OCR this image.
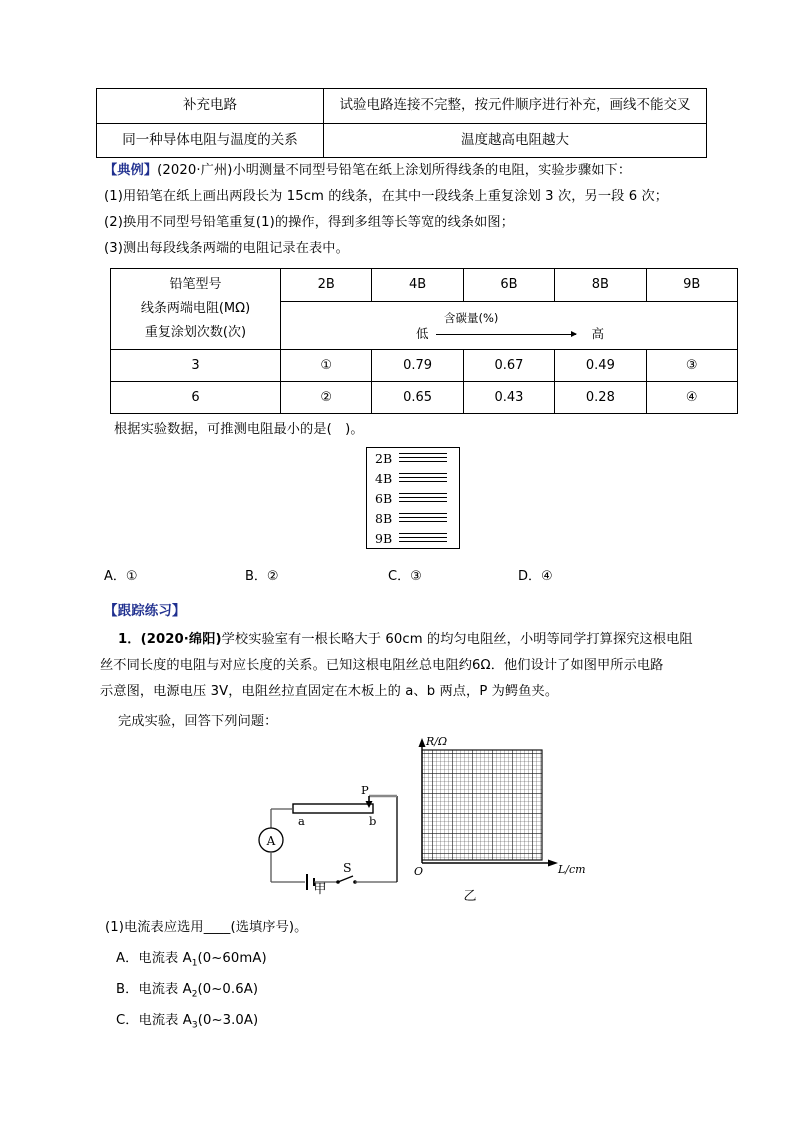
补充电路	试验电路连接不完整，按元件顺序进行补充，画线不能交叉
同一种导体电阻与温度的关系	温度越高电阻越大
【典例】(2020·广州)小明测量不同型号铅笔在纸上涂划所得线条的电阻，实验步骤如下：
(1)用铅笔在纸上画出两段长为 15cm 的线条，在其中一段线条上重复涂划 3 次，另一段 6 次；
(2)换用不同型号铅笔重复(1)的操作，得到多组等长等宽的线条如图；
(3)测出每段线条两端的电阻记录在表中。
铅笔型号
线条两端电阻(MΩ)
重复涂划次数(次)	2B	4B	6B	8B	9B

	低
含碳量(%)
高				

3	①	0.79	0.67	0.49	③
6	②	0.65	0.43	0.28	④
根据实验数据，可推测电阻最小的是(　)。
2B
4B
6B
8B
9B
A．①	B．②	C．③	D．④
【跟踪练习】
1．(2020·绵阳)学校实验室有一根长略大于 60cm 的均匀电阻丝，小明等同学打算探究这根电阻
丝不同长度的电阻与对应长度的关系。已知这根电阻丝总电阻约6Ω．他们设计了如图甲所示电路
示意图，电源电压 3V，电阻丝拉直固定在木板上的 a、b 两点，P 为鳄鱼夹。
完成实验，回答下列问题：
A
P
a	b
S
甲
R/Ω
L/cm
O
乙
(1)电流表应选用____(选填序号)。
A．电流表 $A_1(0\sim 60mA)$
B．电流表 $A_2(0\sim 0.6A)$
C．电流表 $A_3(0\sim 3.0A)$
